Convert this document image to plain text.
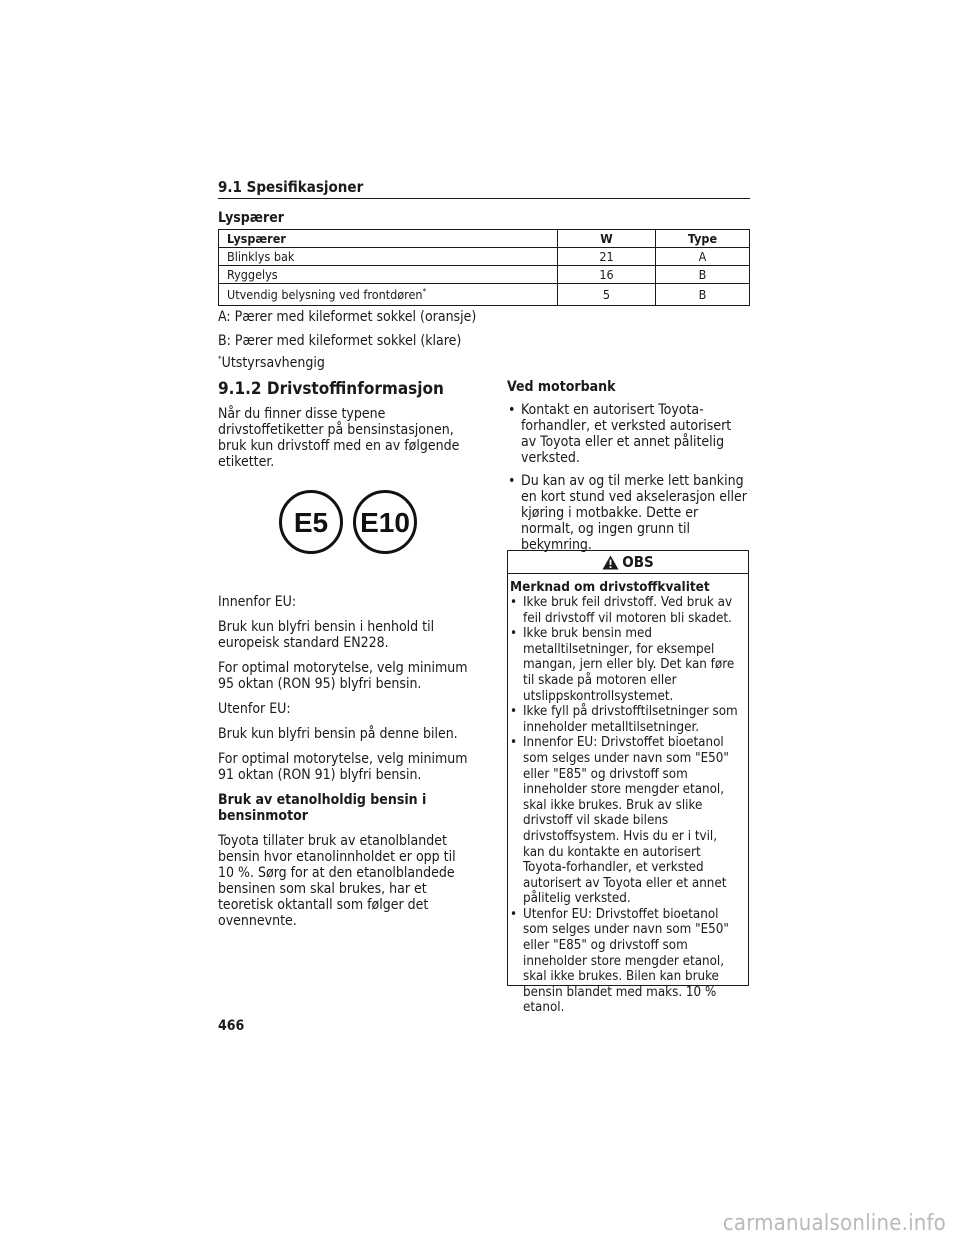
9.1 Spesifikasjoner
Lyspærer
Lyspærer	W	Type
Blinklys bak	21	A
Ryggelys	16	B
Utvendig belysning ved frontdøren*	5	B
A: Pærer med kileformet sokkel (oransje)
B: Pærer med kileformet sokkel (klare)
*Utstyrsavhengig
9.1.2 Drivstoffinformasjon

Når du finner disse typene drivstoffetiketter på bensinstasjonen, bruk kun drivstoff med en av følgende etiketter.

E5 E10

Innenfor EU:

Bruk kun blyfri bensin i henhold til europeisk standard EN228.

For optimal motorytelse, velg minimum 95 oktan (RON 95) blyfri bensin.

Utenfor EU:

Bruk kun blyfri bensin på denne bilen.

For optimal motorytelse, velg minimum 91 oktan (RON 91) blyfri bensin.

Bruk av etanolholdig bensin i bensinmotor

Toyota tillater bruk av etanolblandet bensin hvor etanolinnholdet er opp til 10 %. Sørg for at den etanolblandede bensinen som skal brukes, har et teoretisk oktantall som følger det ovennevnte.

Ved motorbank

• Kontakt en autorisert Toyota-forhandler, et verksted autorisert av Toyota eller et annet pålitelig verksted.
• Du kan av og til merke lett banking en kort stund ved akselerasjon eller kjøring i motbakke. Dette er normalt, og ingen grunn til bekymring.
OBS
Merknad om drivstoffkvalitet
• Ikke bruk feil drivstoff. Ved bruk av feil drivstoff vil motoren bli skadet.
• Ikke bruk bensin med metalltilsetninger, for eksempel mangan, jern eller bly. Det kan føre til skade på motoren eller utslippskontrollsystemet.
• Ikke fyll på drivstofftilsetninger som inneholder metalltilsetninger.
• Innenfor EU: Drivstoffet bioetanol som selges under navn som "E50" eller "E85" og drivstoff som inneholder store mengder etanol, skal ikke brukes. Bruk av slike drivstoff vil skade bilens drivstoffsystem. Hvis du er i tvil, kan du kontakte en autorisert Toyota-forhandler, et verksted autorisert av Toyota eller et annet pålitelig verksted.
• Utenfor EU: Drivstoffet bioetanol som selges under navn som "E50" eller "E85" og drivstoff som inneholder store mengder etanol, skal ikke brukes. Bilen kan bruke bensin blandet med maks. 10 % etanol.
466
carmanualsonline.info
